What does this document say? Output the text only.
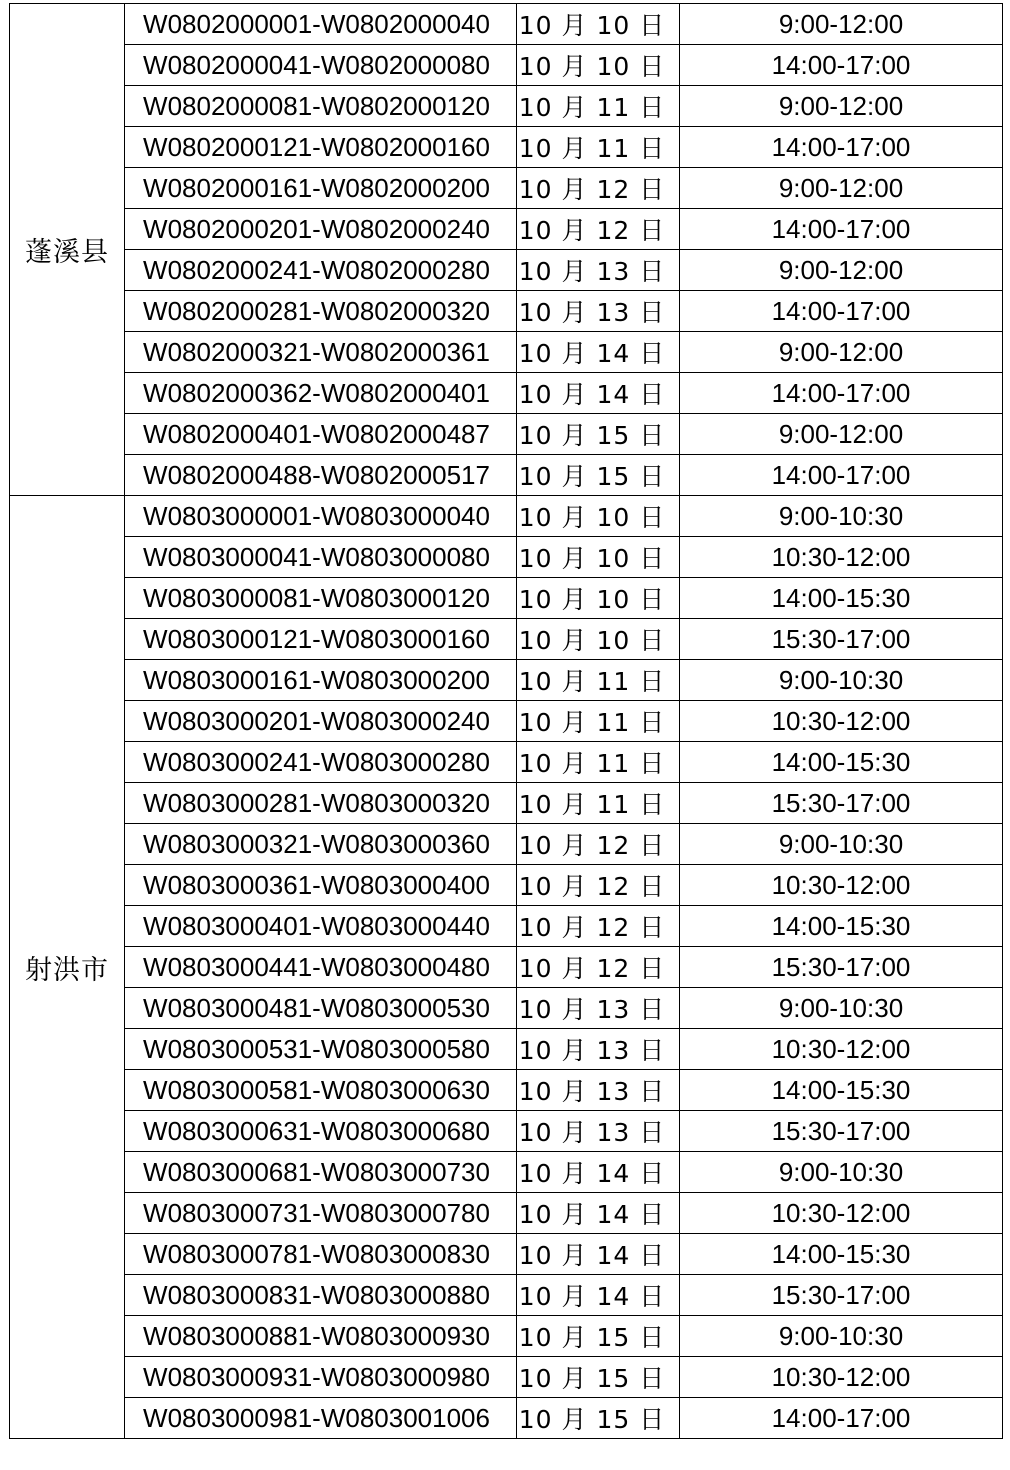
蓬溪县	W0802000001-W0802000040	10 月 10 日	9:00-12:00
	W0802000041-W0802000080	10 月 10 日	14:00-17:00
	W0802000081-W0802000120	10 月 11 日	9:00-12:00
	W0802000121-W0802000160	10 月 11 日	14:00-17:00
	W0802000161-W0802000200	10 月 12 日	9:00-12:00
	W0802000201-W0802000240	10 月 12 日	14:00-17:00
	W0802000241-W0802000280	10 月 13 日	9:00-12:00
	W0802000281-W0802000320	10 月 13 日	14:00-17:00
	W0802000321-W0802000361	10 月 14 日	9:00-12:00
	W0802000362-W0802000401	10 月 14 日	14:00-17:00
	W0802000401-W0802000487	10 月 15 日	9:00-12:00
	W0802000488-W0802000517	10 月 15 日	14:00-17:00
射洪市	W0803000001-W0803000040	10 月 10 日	9:00-10:30
	W0803000041-W0803000080	10 月 10 日	10:30-12:00
	W0803000081-W0803000120	10 月 10 日	14:00-15:30
	W0803000121-W0803000160	10 月 10 日	15:30-17:00
	W0803000161-W0803000200	10 月 11 日	9:00-10:30
	W0803000201-W0803000240	10 月 11 日	10:30-12:00
	W0803000241-W0803000280	10 月 11 日	14:00-15:30
	W0803000281-W0803000320	10 月 11 日	15:30-17:00
	W0803000321-W0803000360	10 月 12 日	9:00-10:30
	W0803000361-W0803000400	10 月 12 日	10:30-12:00
	W0803000401-W0803000440	10 月 12 日	14:00-15:30
	W0803000441-W0803000480	10 月 12 日	15:30-17:00
	W0803000481-W0803000530	10 月 13 日	9:00-10:30
	W0803000531-W0803000580	10 月 13 日	10:30-12:00
	W0803000581-W0803000630	10 月 13 日	14:00-15:30
	W0803000631-W0803000680	10 月 13 日	15:30-17:00
	W0803000681-W0803000730	10 月 14 日	9:00-10:30
	W0803000731-W0803000780	10 月 14 日	10:30-12:00
	W0803000781-W0803000830	10 月 14 日	14:00-15:30
	W0803000831-W0803000880	10 月 14 日	15:30-17:00
	W0803000881-W0803000930	10 月 15 日	9:00-10:30
	W0803000931-W0803000980	10 月 15 日	10:30-12:00
	W0803000981-W0803001006	10 月 15 日	14:00-17:00
